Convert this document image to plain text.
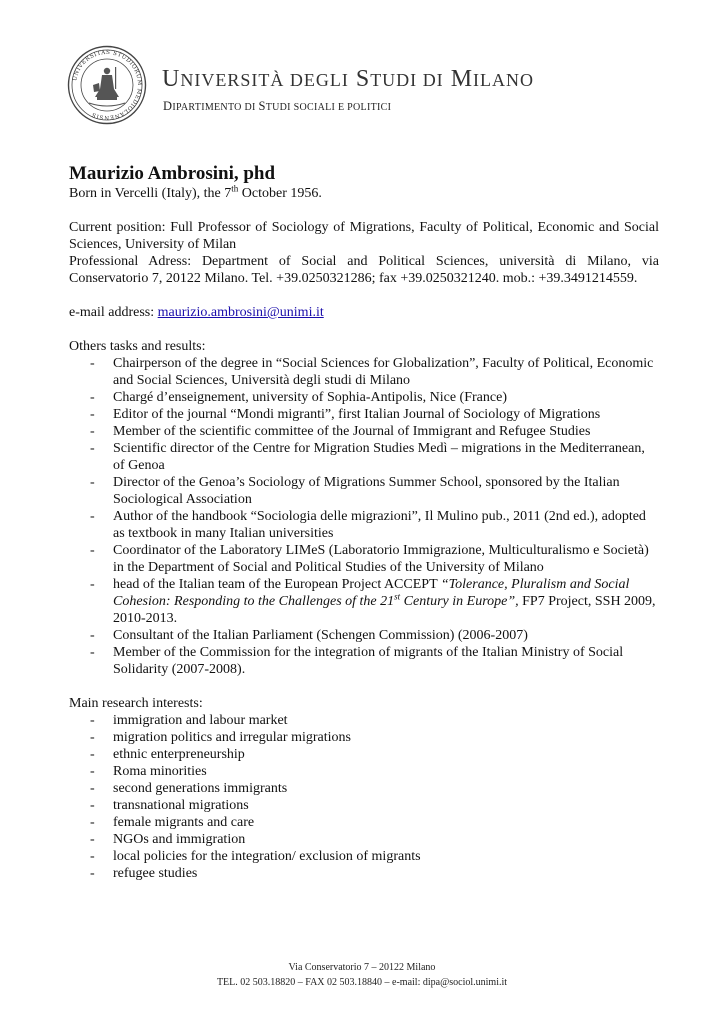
UNIVERSITAS STUDIORUM MEDIOLANENSIS
UNIVERSITÀ DEGLI STUDI DI MILANO
DIPARTIMENTO DI STUDI SOCIALI E POLITICI
Maurizio Ambrosini, phd

Born in Vercelli (Italy), the 7th October 1956.

Current position: Full Professor of Sociology of Migrations, Faculty of Political, Economic and Social Sciences, University of Milan

Professional Adress: Department of Social and Political Sciences, università di Milano, via Conservatorio 7, 20122 Milano. Tel. +39.0250321286; fax +39.0250321240. mob.: +39.3491214559.

e-mail address: maurizio.ambrosini@unimi.it

Others tasks and results:

- Chairperson of the degree in “Social Sciences for Globalization”, Faculty of Political, Economic and Social Sciences, Università degli studi di Milano
- Chargé d’enseignement, university of Sophia-Antipolis, Nice (France)
- Editor of the journal “Mondi migranti”, first Italian Journal of Sociology of Migrations
- Member of the scientific committee of the Journal of Immigrant and Refugee Studies
- Scientific director of the Centre for Migration Studies Medì – migrations in the Mediterranean, of Genoa
- Director of the Genoa’s Sociology of Migrations Summer School, sponsored by the Italian Sociological Association
- Author of the handbook “Sociologia delle migrazioni”, Il Mulino pub., 2011 (2nd ed.), adopted as textbook in many Italian universities
- Coordinator of the Laboratory LIMeS (Laboratorio Immigrazione, Multiculturalismo e Società) in the Department of Social and Political Studies of the University of Milano
- head of the Italian team of the European Project ACCEPT “Tolerance, Pluralism and Social Cohesion: Responding to the Challenges of the 21st Century in Europe”, FP7 Project, SSH 2009, 2010-2013.
- Consultant of the Italian Parliament (Schengen Commission) (2006-2007)
- Member of the Commission for the integration of migrants of the Italian Ministry of Social Solidarity (2007-2008).

Main research interests:

- immigration and labour market
- migration politics and irregular migrations
- ethnic enterpreneurship
- Roma minorities
- second generations immigrants
- transnational migrations
- female migrants and care
- NGOs and immigration
- local policies for the integration/ exclusion of migrants
- refugee studies
Via Conservatorio 7 – 20122 Milano
TEL. 02 503.18820 – FAX 02 503.18840 – e-mail: dipa@sociol.unimi.it
